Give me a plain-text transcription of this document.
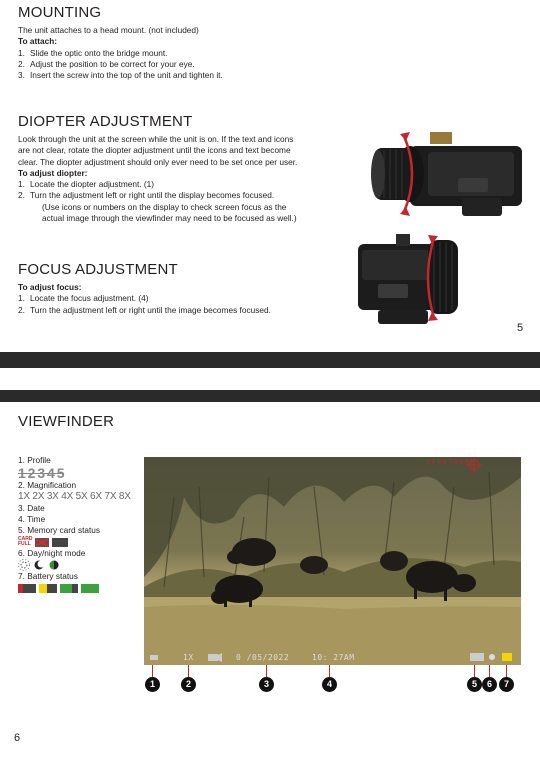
MOUNTING
The unit attaches to a head mount. (not included)
To attach:
1. Slide the optic onto the bridge mount.
2. Adjust the position to be correct for your eye.
3. Insert the screw into the top of the unit and tighten it.
DIOPTER ADJUSTMENT
Look through the unit at the screen while the unit is on. If the text and icons
are not clear, rotate the diopter adjustment until the icons and text become
clear. The diopter adjustment should only ever need to be set once per user.
To adjust diopter:
1. Locate the diopter adjustment. (1)
2. Turn the adjustment left or right until the display becomes focused.
(Use icons or numbers on the display to check screen focus as the
actual image through the viewfinder may need to be focused as well.)
FOCUS ADJUSTMENT
To adjust focus:
1. Locate the focus adjustment. (4)
2. Turn the adjustment left or right until the image becomes focused.
5
VIEWFINDER
1. Profile
1 2 3 4 5
2. Magnification
1X 2X 3X 4X 5X 6X 7X 8X
3. Date
4. Time
5. Memory card status
CARD FULL
6. Day/night mode
7. Battery status
SIGHTMARK
1X	0 /05/2022	10: 27AM
1	2	3	4	5	6	7
6
